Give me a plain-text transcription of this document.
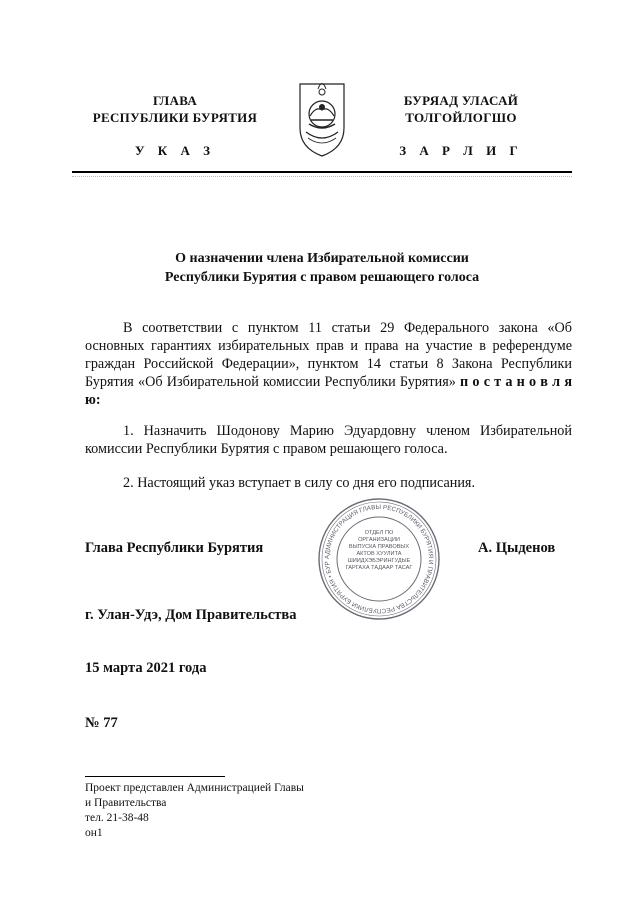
ГЛАВА
РЕСПУБЛИКИ БУРЯТИЯ
У К А З
БУРЯАД УЛАСАЙ
ТОЛГОЙЛОГШО
З А Р Л И Г
О назначении члена Избирательной комиссии
Республики Бурятия с правом решающего голоса
В соответствии с пунктом 11 статьи 29 Федерального закона «Об основных гарантиях избирательных прав и права на участие в референдуме граждан Российской Федерации», пунктом 14 статьи 8 Закона Республики Бурятия «Об Избирательной комиссии Республики Бурятия» п о с т а н о в л я ю:
1. Назначить Шодонову Марию Эдуардовну членом Избирательной комиссии Республики Бурятия с правом решающего голоса.
2. Настоящий указ вступает в силу со дня его подписания.
Глава Республики Бурятия	А. Цыденов
АДМИНИСТРАЦИЯ ГЛАВЫ РЕСПУБЛИКИ БУРЯТИЯ И ПРАВИТЕЛЬСТВА РЕСПУБЛИКИ БУРЯТИЯ • БУР
ОТДЕЛ ПО ОРГАНИЗАЦИИ ВЫПУСКА ПРАВОВЫХ АКТОВ ХУУЛИТА ШИИДХЭБЭРИНГУДЫЕ ГАРГАХА ТАДААР ТАСАГ
г. Улан-Удэ, Дом Правительства
15 марта 2021 года
№ 77
Проект представлен Администрацией Главы
и Правительства
тел. 21-38-48
он1
